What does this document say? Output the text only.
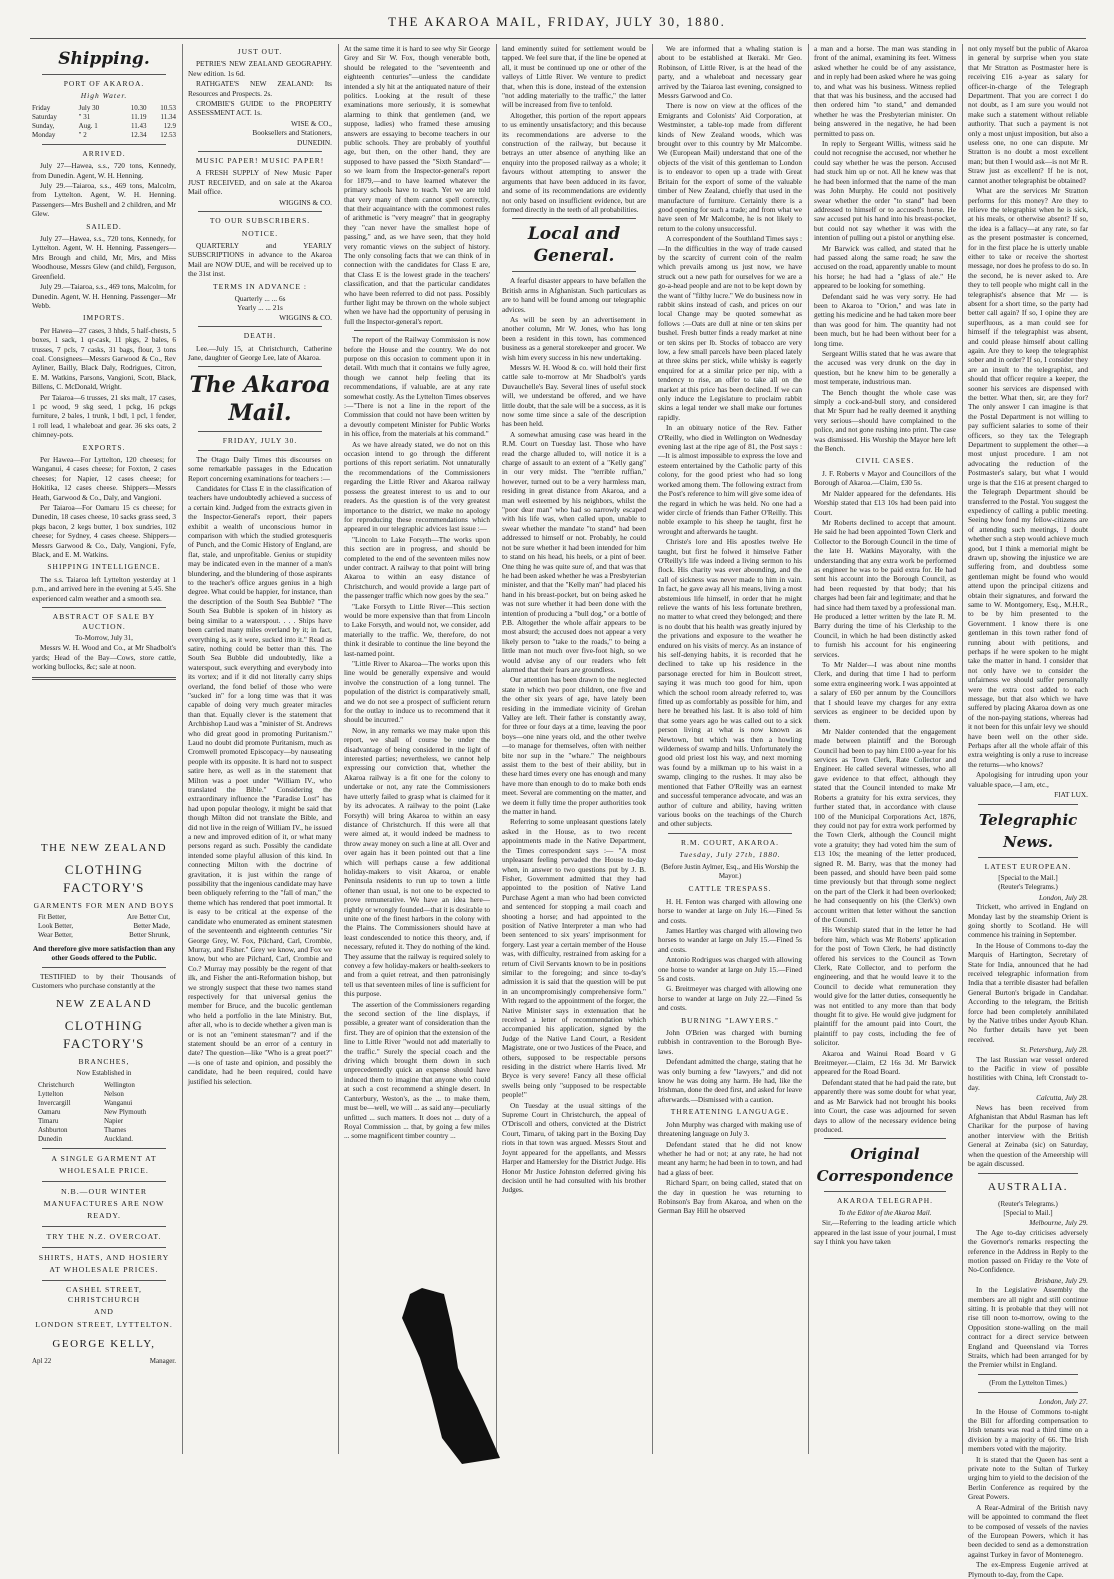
THE AKAROA MAIL, FRIDAY, JULY 30, 1880.
Shipping.
PORT OF AKAROA.
High Water.
Friday	July 30	10.30	10.53
Saturday	" 31	11.19	11.34
Sunday,	Aug. 1	11.43	12.9
Monday	" 2	12.34	12.53
ARRIVED.

July 27—Hawea, s.s., 720 tons, Kennedy, from Dunedin. Agent, W. H. Henning.

July 29.—Taiaroa, s.s., 469 tons, Malcolm, from Lyttelton. Agent, W. H. Henning. Passengers—Mrs Bushell and 2 children, and Mr Glew.

SAILED.

July 27—Hawea, s.s., 720 tons, Kennedy, for Lyttelton. Agent, W. H. Henning. Passengers—Mrs Brough and child, Mr, Mrs, and Miss Woodhouse, Messrs Glew (and child), Ferguson, Greenfield.

July 29.—Taiaroa, s.s., 469 tons, Malcolm, for Dunedin. Agent, W. H. Henning. Passenger—Mr Webb.

IMPORTS.

Per Hawea—27 cases, 3 hhds, 5 half-chests, 5 boxes, 1 sack, 1 qr-cask, 11 pkgs, 2 bales, 6 trusses, 7 pcls, 7 casks, 31 bags, flour, 3 tons coal. Consignees—Messrs Garwood & Co., Rev Ayliner, Bailly, Black Daly, Rodrigues, Citron, E. M. Watkins, Parsons, Vangioni, Scott, Black, Billens, C. McDonald, Wright.

Per Taiaroa—6 trusses, 21 sks malt, 17 cases, 1 pc wood, 9 skg seed, 1 pckg, 16 pckgs furniture, 2 bales, 1 trunk, 1 bdl, 1 pcl, 1 fender, 1 roll lead, 1 whaleboat and gear. 36 sks oats, 2 chimney-pots.

EXPORTS.

Per Hawea—For Lyttelton, 120 cheeses; for Wanganui, 4 cases cheese; for Foxton, 2 cases cheeses; for Napier, 12 cases cheese; for Hokitika, 12 cases cheese. Shippers—Messrs Heath, Garwood & Co., Daly, and Vangioni.

Per Taiaroa—For Oamaru 15 cs cheese; for Dunedin, 18 cases cheese, 10 sacks grass seed, 3 pkgs bacon, 2 kegs butter, 1 box sundries, 102 cheese; for Sydney, 4 cases cheese. Shippers—Messrs Garwood & Co., Daly, Vangioni, Fyfe, Black, and E. M. Watkins.

SHIPPING INTELLIGENCE.

The s.s. Taiaroa left Lyttelton yesterday at 1 p.m., and arrived here in the evening at 5.45. She experienced calm weather and a smooth sea.

ABSTRACT OF SALE BY AUCTION.
To-Morrow, July 31,

Messrs W. H. Wood and Co., at Mr Shadbolt's yards; Head of the Bay—Cows, store cattle, working bullocks, &c; sale at noon.

THE NEW ZEALAND
CLOTHING FACTORY'S
GARMENTS FOR MEN AND BOYS
Fit Better,	Are Better Cut,
Look Better,	Better Made,
Wear Better,	Better Shrunk,

And therefore give more satisfaction than any other Goods offered to the Public.

TESTIFIED to by their Thousands of Customers who purchase constantly at the

NEW ZEALAND
CLOTHING FACTORY'S
BRANCHES,
Now Established in
Christchurch	Wellington
Lyttelton	Nelson
Invercargill	Wanganui
Oamaru	New Plymouth
Timaru	Napier
Ashburton	Thames
Dunedin	Auckland.
A SINGLE GARMENT AT WHOLESALE PRICE.
N.B.—OUR WINTER MANUFACTURES ARE NOW READY.
TRY THE N.Z. OVERCOAT.
SHIRTS, HATS, AND HOSIERY AT WHOLESALE PRICES.
CASHEL STREET, CHRISTCHURCH
AND
LONDON STREET, LYTTELTON.
GEORGE KELLY,
Apl 22	Manager.
JUST OUT.

PETRIE'S NEW ZEALAND GEOGRAPHY. New edition. 1s 6d.

RATHGATE'S NEW ZEALAND: Its Resources and Prospects. 2s.

CROMBIE'S GUIDE to the PROPERTY ASSESSMENT ACT. 1s.

WISE & CO.,
Booksellers and Stationers,
DUNEDIN.
MUSIC PAPER! MUSIC PAPER!

A FRESH SUPPLY of New Music Paper JUST RECEIVED, and on sale at the Akaroa Mail office.

WIGGINS & CO.
TO OUR SUBSCRIBERS.
NOTICE.

QUARTERLY and YEARLY SUBSCRIPTIONS in advance to the Akaroa Mail are NOW DUE, and will be received up to the 31st inst.

TERMS IN ADVANCE :
Quarterly ... ... 6s
Yearly ... ... 21s
WIGGINS & CO.
DEATH.

Lee.—July 15, at Christchurch, Catherine Jane, daughter of George Lee, late of Akaroa.

The Akaroa Mail.
FRIDAY, JULY 30.

The Otago Daily Times this discourses on some remarkable passages in the Education Report concerning examinations for teachers :—

Candidates for Class E in the classification of teachers have undoubtedly achieved a success of a certain kind. Judged from the extracts given in the Inspector-General's report, their papers exhibit a wealth of unconscious humor in comparison with which the studied grotesqueris of Punch, and the Comic History of England, are flat, stale, and unprofitable. Genius or stupidity may be indicated even in the manner of a man's blundering, and the blundering of those aspirants to the teacher's office argues genius in a high degree. What could be happier, for instance, than the description of the South Sea Bubble? "The South Sea Bubble is spoken of in history as being similar to a waterspout. . . . Ships have been carried many miles overland by it; in fact, everything is, as it were, sucked into it." Read as satire, nothing could be better than this. The South Sea Bubble did undoubtedly, like a waterspout, suck everything and everybody into its vortex; and if it did not literally carry ships overland, the fond belief of those who were "sucked in" for a long time was that it was capable of doing very much greater miracles than that. Equally clever is the statement that Archbishop Laud was a "minister of St. Andrews who did great good in promoting Puritanism." Laud no doubt did promote Puritanism, much as Cromwell promoted Episcopacy—by nauseating people with its opposite. It is hard not to suspect satire here, as well as in the statement that Milton was a poet under "William IV., who translated the Bible." Considering the extraordinary influence the "Paradise Lost" has had upon popular theology, it might be said that though Milton did not translate the Bible, and did not live in the reign of William IV., he issued a new and improved edition of it, or what many persons regard as such. Possibly the candidate intended some playful allusion of this kind. In connecting Milton with the doctrine of gravitation, it is just within the range of possibility that the ingenious candidate may have been obliquely referring to the "fall of man," the theme which has rendered that poet immortal. It is easy to be critical at the expense of the candidate who enumerated as eminent statesmen of the seventeenth and eighteenth centuries "Sir George Grey, W. Fox, Pilchard, Carl, Crombie, Murray, and Fisher." Grey we know, and Fox we know, but who are Pilchard, Carl, Crombie and Co.? Murray may possibly be the regent of that ilk, and Fisher the anti-Reformation bishop, but we strongly suspect that these two names stand respectively for that universal genius the member for Bruce, and the bucolic gentleman who held a portfolio in the late Ministry. But, after all, who is to decide whether a given man is or is not an "eminent statesman"? and if the statement should be an error of a century in date? The question—like "Who is a great poet?" —is one of taste and opinion, and possibly the candidate, had he been required, could have justified his selection.

At the same time it is hard to see why Sir George Grey and Sir W. Fox, though venerable both, should be relegated to the "seventeenth and eighteenth centuries"—unless the candidate intended a sly hit at the antiquated nature of their politics. Looking at the result of these examinations more seriously, it is somewhat alarming to think that gentlemen (and, we suppose, ladies) who framed these amusing answers are essaying to become teachers in our public schools. They are probably of youthful age, but then, on the other hand, they are supposed to have passed the "Sixth Standard"—so we learn from the Inspector-general's report for 1879,—and to have learned whatever the primary schools have to teach. Yet we are told that very many of them cannot spell correctly, that their acquaintance with the commonest rules of arithmetic is "very meagre" that in geography they "can never have the smallest hope of passing," and, as we have seen, that they hold very romantic views on the subject of history. The only consoling facts that we can think of in connection with the candidates for Class E are, that Class E is the lowest grade in the teachers' classification, and that the particular candidates who have been referred to did not pass. Possibly further light may be thrown on the whole subject when we have had the opportunity of perusing in full the Inspector-general's report.

The report of the Railway Commission is now before the House and the country. We do not purpose on this occasion to comment upon it in detail. With much that it contains we fully agree, though we cannot help feeling that its recommendations, if valuable, are at any rate somewhat costly. As the Lyttelton Times observes :—"There is not a line in the report of the Commission that could not have been written by a devoutly competent Minister for Public Works in his office, from the materials at his command."

As we have already stated, we do not on this occasion intend to go through the different portions of this report seriatim. Not unnaturally the recommendations of the Commissioners regarding the Little River and Akaroa railway possess the greatest interest to us and to our readers. As the question is of the very greatest importance to the district, we make no apology for reproducing these recommendations which appeared in our telegraphic advices last issue :—

"Lincoln to Lake Forsyth—The works upon this section are in progress, and should be completed to the end of the seventeen miles now under contract. A railway to that point will bring Akaroa to within an easy distance of Christchurch, and would provide a large part of the passenger traffic which now goes by the sea."

"Lake Forsyth to Little River—This section would be more expensive than that from Lincoln to Lake Forsyth, and would not, we consider, add materially to the traffic. We, therefore, do not think it desirable to continue the line beyond the last-named point.

"Little River to Akaroa—The works upon this line would be generally expensive and would involve the construction of a long tunnel. The population of the district is comparatively small, and we do not see a prospect of sufficient return for the outlay to induce us to recommend that it should be incurred."

Now, in any remarks we may make upon this report, we shall of course be under the disadvantage of being considered in the light of interested parties; nevertheless, we cannot help expressing our conviction that, whether the Akaroa railway is a fit one for the colony to undertake or not, any rate the Commissioners have utterly failed to grasp what is claimed for it by its advocates. A railway to the point (Lake Forsyth) will bring Akaroa to within an easy distance of Christchurch. If this were all that were aimed at, it would indeed be madness to throw away money on such a line at all. Over and over again has it been pointed out that a line which will perhaps cause a few additional holiday-makers to visit Akaroa, or enable Peninsula residents to run up to town a little oftener than usual, is not one to be expected to prove remunerative. We have an idea here—rightly or wrongly founded—that it is desirable to unite one of the finest harbors in the colony with the Plains. The Commissioners should have at least condescended to notice this theory, and, if necessary, refuted it. They do nothing of the kind. They assume that the railway is required solely to convey a few holiday-makers or health-seekers to and from a quiet retreat, and then patronisingly tell us that seventeen miles of line is sufficient for this purpose.

The assertion of the Commissioners regarding the second section of the line displays, if possible, a greater want of consideration than the first. They are of opinion that the extension of the line to Little River "would not add materially to the traffic." Surely the special coach and the driving which brought them down in such unprecedentedly quick an expense should have induced them to imagine that anyone who could at such a cost recommend a shingle desert. In Canterbury, Weston's, as the ... to make them, must be—well, we will ... as said any—peculiarly unfitted ... such matters. It does not ... duty of a Royal Commission ... that, by going a few miles ... some magnificent timber country ...

land eminently suited for settlement would be tapped. We feel sure that, if the line be opened at all, it must be continued up one or other of the valleys of Little River. We venture to predict that, when this is done, instead of the extension "not adding materially to the traffic," the latter will be increased from five to tenfold.

Altogether, this portion of the report appears to us eminently unsatisfactory; and this because its recommendations are adverse to the construction of the railway, but because it betrays an utter absence of anything like an enquiry into the proposed railway as a whole; it favours without attempting to answer the arguments that have been adduced in its favor, and some of its recommendations are evidently not only based on insufficient evidence, but are formed directly in the teeth of all probabilities.

Local and General.

A fearful disaster appears to have befallen the British arms in Afghanistan. Such particulars as are to hand will be found among our telegraphic advices.

As will be seen by an advertisement in another column, Mr W. Jones, who has long been a resident in this town, has commenced business as a general storekeeper and grocer. We wish him every success in his new undertaking.

Messrs W. H. Wood & co. will hold their first cattle sale to-morrow at Mr Shadbolt's yards Duvauchelle's Bay. Several lines of useful stock will, we understand be offered, and we have little doubt, that the sale will be a success, as it is now some time since a sale of the description has been held.

A somewhat amusing case was heard in the R.M. Court on Tuesday last. Those who have read the charge alluded to, will notice it is a charge of assault to an extent of a "Kelly gang" in our very midst. The "terrible ruffian," however, turned out to be a very harmless man, residing in great distance from Akaroa, and a man well esteemed by his neighbors, whilst the "poor dear man" who had so narrowly escaped with his life was, when called upon, unable to swear whether the mandate "to stand" had been addressed to himself or not. Probably, he could not be sure whether it had been intended for him to stand on his head, his heels, or a pint of beer. One thing he was quite sure of, and that was that he had been asked whether he was a Presbyterian minister, and that the "Kelly man" had placed his hand in his breast-pocket, but on being asked he was not sure whether it had been done with the intention of producing a "bull dog," or a bottle of P.B. Altogether the whole affair appears to be most absurd; the accused does not appear a very likely person to "take to the roads," to being a little man not much over five-foot high, so we would advise any of our readers who felt alarmed that their fears are groundless.

Our attention has been drawn to the neglected state in which two poor children, one five and the other six years of age, have lately been residing in the immediate vicinity of Grehan Valley are left. Their father is constantly away, for three or four days at a time, leaving the poor boys—one nine years old, and the other twelve—to manage for themselves, often with neither bite nor sup in the "whare." The neighbours assist them to the best of their ability, but in these hard times every one has enough and many have more than enough to do to make both ends meet. Several are commenting on the matter, and we deem it fully time the proper authorities took the matter in hand.

Referring to some unpleasant questions lately asked in the House, as to two recent appointments made in the Native Department, the Times correspondent says :— "A most unpleasant feeling pervaded the House to-day when, in answer to two questions put by J. B. Fisher, Government admitted that they had appointed to the position of Native Land Purchase Agent a man who had been convicted and sentenced for stopping a mail coach and shooting a horse; and had appointed to the position of Native Interpreter a man who had been sentenced to six years' imprisonment for forgery. Last year a certain member of the House was, with difficulty, restrained from asking for a return of Civil Servants known to be in positions similar to the foregoing; and since to-day's admission it is said that the question will be put in an uncompromisingly comprehensive form." With regard to the appointment of the forger, the Native Minister says in extenuation that he received a letter of recommendation which accompanied his application, signed by the Judge of the Native Land Court, a Resident Magistrate, one or two Justices of the Peace, and others, supposed to be respectable persons residing in the district where Harris lived. Mr Bryce is very severe! Fancy all these official swells being only "supposed to be respectable people!"

On Tuesday at the usual sittings of the Supreme Court in Christchurch, the appeal of O'Driscoll and others, convicted at the District Court, Timaru, of taking part in the Boxing Day riots in that town was argued. Messrs Stout and Joynt appeared for the appellants, and Messrs Harper and Hamersley for the District Judge. His Honor Mr Justice Johnston deferred giving his decision until he had consulted with his brother Judges.

We are informed that a whaling station is about to be established at Ikeraki. Mr Geo. Robinson, of Little River, is at the head of the party, and a whaleboat and necessary gear arrived by the Taiaroa last evening, consigned to Messrs Garwood and Co.

There is now on view at the offices of the Emigrants and Colonists' Aid Corporation, at Westminster, a table-top made from different kinds of New Zealand woods, which was brought over to this country by Mr Malcombe. We (European Mail) understand that one of the objects of the visit of this gentleman to London is to endeavor to open up a trade with Great Britain for the export of some of the valuable timber of New Zealand, chiefly that used in the manufacture of furniture. Certainly there is a good opening for such a trade; and from what we have seen of Mr Malcombe, he is not likely to return to the colony unsuccessful.

A correspondent of the Southland Times says :—In the difficulties in the way of trade caused by the scarcity of current coin of the realm which prevails among us just now, we have struck out a new path for ourselves for we are a go-a-head people and are not to be kept down by the want of "filthy lucre." We do business now in rabbit skins instead of cash, and prices on our local Change may be quoted somewhat as follows :—Oats are dull at nine or ten skins per bushel. Fresh butter finds a ready market at nine or ten skins per lb. Stocks of tobacco are very low, a few small parcels have been placed lately at three skins per stick, while whisky is eagerly enquired for at a similar price per nip, with a tendency to rise, an offer to take all on the market at this price has been declined. If we can only induce the Legislature to proclaim rabbit skins a legal tender we shall make our fortunes rapidly.

In an obituary notice of the Rev. Father O'Reilly, who died in Wellington on Wednesday evening last at the ripe age of 81, the Post says :—It is almost impossible to express the love and esteem entertained by the Catholic party of this colony, for the good priest who had so long worked among them. The following extract from the Post's reference to him will give some idea of the regard in which he was held. No one had a wider circle of friends than Father O'Reilly. This noble example to his sheep he taught, first he wrought and afterwards he taught.

Christe's lore and His apostles twelve He taught, but first he folwed it himselve Father O'Reilly's life was indeed a living sermon to his flock. His charity was ever abounding, and the call of sickness was never made to him in vain. In fact, he gave away all his means, living a most abstemious life himself, in order that he might relieve the wants of his less fortunate brethren, no matter to what creed they belonged; and there is no doubt that his health was greatly injured by the privations and exposure to the weather he endured on his visits of mercy. As an instance of his self-denying habits, it is recorded that he declined to take up his residence in the parsonage erected for him in Boulcott street, saying it was much too good for him, upon which the school room already referred to, was fitted up as comfortably as possible for him, and here he breathed his last. It is also told of him that some years ago he was called out to a sick person living at what is now known as Newtown, but which was then a howling wilderness of swamp and hills. Unfortunately the good old priest lost his way, and next morning was found by a milkman up to his waist in a swamp, clinging to the rushes. It may also be mentioned that Father O'Reilly was an earnest and successful temperance advocate, and was an author of culture and ability, having written various books on the teachings of the Church and other subjects.

R.M. COURT, AKAROA.
Tuesday, July 27th, 1880.
(Before Justin Aylmer, Esq., and His Worship the Mayor.)
CATTLE TRESPASS.

H. H. Fenton was charged with allowing one horse to wander at large on July 16.—Fined 5s and costs.

James Hartley was charged with allowing two horses to wander at large on July 15.—Fined 5s and costs.

Antonio Rodrigues was charged with allowing one horse to wander at large on July 15.—Fined 5s and costs.

G. Breitmeyer was charged with allowing one horse to wander at large on July 22.—Fined 5s and costs.

BURNING "LAWYERS."

John O'Brien was charged with burning rubbish in contravention to the Borough Bye-laws.

Defendant admitted the charge, stating that he was only burning a few "lawyers," and did not know he was doing any harm. He had, like the Irishman, done the deed first, and asked for leave afterwards.—Dismissed with a caution.

THREATENING LANGUAGE.

John Murphy was charged with making use of threatening language on July 3.

Defendant stated that he did not know whether he had or not; at any rate, he had not meant any harm; he had been in to town, and had had a glass of beer.

Richard Sparr, on being called, stated that on the day in question he was returning to Robinson's Bay from Akaroa, and when on the German Bay Hill he observed

a man and a horse. The man was standing in front of the animal, examining its feet. Witness asked whether he could be of any assistance, and in reply had been asked where he was going to, and what was his business. Witness replied that that was his business, and the accused had then ordered him "to stand," and demanded whether he was the Presbyterian minister. On being answered in the negative, he had been permitted to pass on.

In reply to Sergeant Willis, witness said he could not recognise the accused, nor whether he could say whether he was the person. Accused had stuck him up or not. All he knew was that he had been informed that the name of the man was John Murphy. He could not positively swear whether the order "to stand" had been addressed to himself or to accused's horse. He saw accused put his hand into his breast-pocket, but could not say whether it was with the intention of pulling out a pistol or anything else.

Mr Barwick was called, and stated that he had passed along the same road; he saw the accused on the road, apparently unable to mount his horse; he had had a "glass of ale." He appeared to be looking for something.

Defendant said he was very sorry. He had been to Akaroa to "Orion," and was late in getting his medicine and he had taken more beer than was good for him. The quantity had not been much, but he had been without beer for a long time.

Sergeant Willis stated that he was aware that the accused was very drunk on the day in question, but he knew him to be generally a most temperate, industrious man.

The Bench thought the whole case was simply a cock-and-bull story, and considered that Mr Spurr had he really deemed it anything very serious—should have complained to the police, and not gone rushing into print. The case was dismissed. His Worship the Mayor here left the Bench.

CIVIL CASES.

J. F. Roberts v Mayor and Councillors of the Borough of Akaroa.—Claim, £30 5s.

Mr Nalder appeared for the defendants. His Worship stated that £13 10s had been paid into Court.

Mr Roberts declined to accept that amount. He said he had been appointed Town Clerk and Collector to the Borough Council in the time of the late H. Watkins Mayoralty, with the understanding that any extra work be performed as engineer he was to be paid extra for. He had sent his account into the Borough Council, as had been requested by that body; that his charges had been fair and legitimate; and that he had since had them taxed by a professional man. He produced a letter written by the late R. M. Barry during the time of his Clerkship to the Council, in which he had been distinctly asked to furnish his account for his engineering services.

To Mr Nalder—I was about nine months Clerk, and during that time I had to perform some extra engineering work. I was appointed at a salary of £60 per annum by the Councillors that I should leave my charges for any extra services as engineer to be decided upon by them.

Mr Nalder contended that the engagement made between plaintiff and the Borough Council had been to pay him £100 a-year for his services as Town Clerk, Rate Collector and Engineer. He called several witnesses, who all gave evidence to that effect, although they stated that the Council intended to make Mr Roberts a gratuity for his extra services, they further stated that, in accordance with clause 100 of the Municipal Corporations Act, 1876, they could not pay for extra work performed by the Town Clerk, although the Council might vote a gratuity; they had voted him the sum of £13 10s; the meaning of the letter produced, signed R. M. Barry, was that the money had been passed, and should have been paid some time previously but that through some neglect on the part of the Clerk it had been overlooked; he had consequently on his (the Clerk's) own account written that letter without the sanction of the Council.

His Worship stated that in the letter he had before him, which was Mr Roberts' application for the post of Town Clerk, he had distinctly offered his services to the Council as Town Clerk, Rate Collector, and to perform the engineering, and that he would leave it to the Council to decide what remuneration they would give for the latter duties, consequently he was not entitled to any more than that body thought fit to give. He would give judgment for plaintiff for the amount paid into Court, the plaintiff to pay costs, including the fee of solicitor.

Akaroa and Wainui Road Board v G Breitmeyer.—Claim, £2 16s 3d. Mr Barwick appeared for the Road Board.

Defendant stated that he had paid the rate, but apparently there was some doubt for what year, and as Mr Barwick had not brought his books into Court, the case was adjourned for seven days to allow of the necessary evidence being produced.

Original Correspondence
AKAROA TELEGRAPH.
To the Editor of the Akaroa Mail.

Sir,—Referring to the leading article which appeared in the last issue of your journal, I must say I think you have taken

not only myself but the public of Akaroa in general by surprise when you state that Mr Stratton as Postmaster here is receiving £16 a-year as salary for officer-in-charge of the Telegraph Department. That you are correct I do not doubt, as I am sure you would not make such a statement without reliable authority. That such a payment is not only a most unjust imposition, but also a useless one, no one can dispute. Mr Stratton is no doubt a most excellent man; but then I would ask—is not Mr R. Straw just as excellent? If he is not, cannot another telegraphist be obtained?

What are the services Mr Stratton performs for this money? Are they to relieve the telegraphist when he is sick, at his meals, or otherwise absent? If so, the idea is a fallacy—at any rate, so far as the present postmaster is concerned, for in the first place he is utterly unable either to take or receive the shortest message, nor does he profess to do so. In the second, he is never asked to. Are they to tell people who might call in the telegraphist's absence that Mr — is absent for a short time, so the party had better call again? If so, I opine they are superfluous, as a man could see for himself if the telegraphist was absent, and could please himself about calling again. Are they to keep the telegraphist sober and in order? If so, I consider they are an insult to the telegraphist, and should that officer require a keeper, the sooner his services are dispensed with the better. What then, sir, are they for? The only answer I can imagine is that the Postal Department is not willing to pay sufficient salaries to some of their officers, so they tax the Telegraph Department to supplement the other—a most unjust procedure. I am not advocating the reduction of the Postmaster's salary, but what I would urge is that the £16 at present charged to the Telegraph Department should be transferred to the Postal. You suggest the expediency of calling a public meeting. Seeing how fond my fellow-citizens are of attending such meetings, I doubt whether such a step would achieve much good, but I think a memorial might be drawn up, showing the injustice we are suffering from, and doubtless some gentleman might be found who would attend upon the principal citizens and obtain their signatures, and forward the same to W. Montgomery, Esq., M.H.R., to be by him presented to the Government. I know there is one gentleman in this town rather fond of running about with petitions, and perhaps if he were spoken to he might take the matter in hand. I consider that not only have we to consider the unfairness we should suffer personally were the extra cost added to each message, but that also which we have suffered by placing Akaroa down as one of the non-paying stations, whereas had it not been for this unfair levy we should have been well on the other side. Perhaps after all the whole affair of this extra weighting is only a ruse to increase the returns—who knows?

Apologising for intruding upon your valuable space,—I am, etc.,

FIAT LUX.
Telegraphic News.
LATEST EUROPEAN.
[Special to the Mail.]
(Reuter's Telegrams.)
London, July 28.

Trickett, who arrived in England on Monday last by the steamship Orient is going shortly to Scotland. He will commence his training in September.

In the House of Commons to-day the Marquis of Hartington, Secretary of State for India, announced that he had received telegraphic information from India that a terrible disaster had befallen General Burton's brigade in Candahar. According to the telegram, the British force had been completely annihilated by the Native tribes under Ayoub Khan. No further details have yet been received.

St. Petersburg, July 28.

The last Russian war vessel ordered to the Pacific in view of possible hostilities with China, left Cronstadt to-day.

Calcutta, July 28.

News has been received from Afghanistan that Abdul Rasman has left Charikar for the purpose of having another interview with the British General at Zeinaba (sic) on Saturday, when the question of the Ameership will be again discussed.

AUSTRALIA.
(Reuter's Telegrams.)
[Special to Mail.]
Melbourne, July 29.

The Age to-day criticises adversely the Governor's remarks respecting the reference in the Address in Reply to the motion passed on Friday re the Vote of No-Confidence.

Brisbane, July 29.

In the Legislative Assembly the members are all night and still continue sitting. It is probable that they will not rise till noon to-morrow, owing to the Opposition stone-walling on the mail contract for a direct service between England and Queensland via Torres Straits, which had been arranged for by the Premier whilst in England.

(From the Lyttelton Times.)
London, July 27.

In the House of Commons to-night the Bill for affording compensation to Irish tenants was read a third time on a division by a majority of 66. The Irish members voted with the majority.

It is stated that the Queen has sent a private note to the Sultan of Turkey urging him to yield to the decision of the Berlin Conference as required by the Great Powers.

A Rear-Admiral of the British navy will be appointed to command the fleet to be composed of vessels of the navies of the European Powers, which it has been decided to send as a demonstration against Turkey in favor of Montenegro.

The ex-Empress Eugenie arrived at Plymouth to-day, from the Cape.
